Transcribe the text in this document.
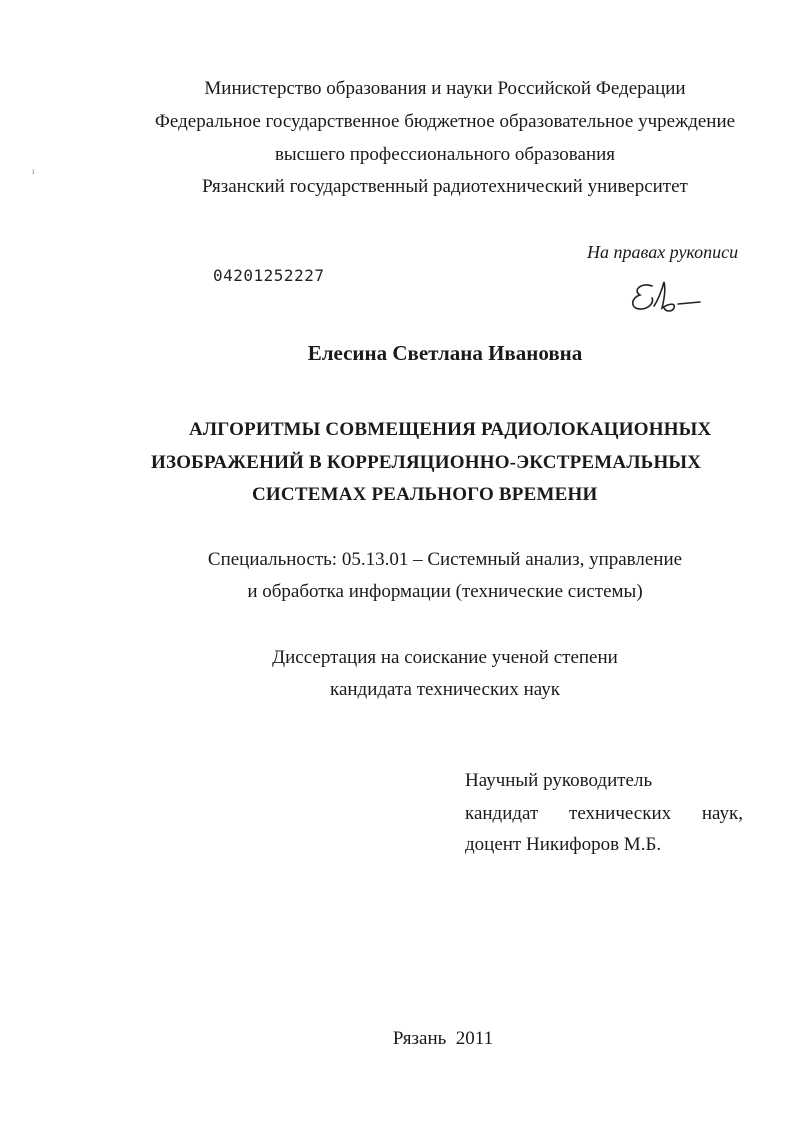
ı
Министерство образования и науки Российской Федерации
Федеральное государственное бюджетное образовательное учреждение
высшего профессионального образования
Рязанский государственный радиотехнический университет
На правах рукописи
04201252227
Елесина Светлана Ивановна
АЛГОРИТМЫ СОВМЕЩЕНИЯ РАДИОЛОКАЦИОННЫХ
ИЗОБРАЖЕНИЙ В КОРРЕЛЯЦИОННО-ЭКСТРЕМАЛЬНЫХ
СИСТЕМАХ РЕАЛЬНОГО ВРЕМЕНИ
Специальность: 05.13.01 – Системный анализ, управление
и обработка информации (технические системы)
Диссертация на соискание ученой степени
кандидата технических наук
Научный руководитель
кандидат технических наук,
доцент Никифоров М.Б.
Рязань  2011
